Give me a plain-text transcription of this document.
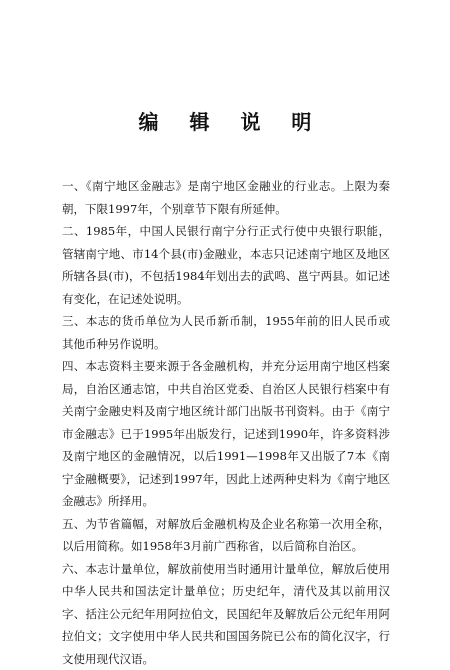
编 辑 说 明

一、《南宁地区金融志》是南宁地区金融业的行业志。上限为秦朝，下限1997年，个别章节下限有所延伸。

二、1985年，中国人民银行南宁分行正式行使中央银行职能，管辖南宁地、市14个县(市)金融业，本志只记述南宁地区及地区所辖各县(市)，不包括1984年划出去的武鸣、邕宁两县。如记述有变化，在记述处说明。

三、本志的货币单位为人民币新币制，1955年前的旧人民币或其他币种另作说明。

四、本志资料主要来源于各金融机构，并充分运用南宁地区档案局，自治区通志馆，中共自治区党委、自治区人民银行档案中有关南宁金融史料及南宁地区统计部门出版书刊资料。由于《南宁市金融志》已于1995年出版发行，记述到1990年，许多资料涉及南宁地区的金融情况，以后1991—1998年又出版了7本《南宁金融概要》，记述到1997年，因此上述两种史料为《南宁地区金融志》所择用。

五、为节省篇幅，对解放后金融机构及企业名称第一次用全称，以后用简称。如1958年3月前广西称省，以后简称自治区。

六、本志计量单位，解放前使用当时通用计量单位，解放后使用中华人民共和国法定计量单位；历史纪年，清代及其以前用汉字、括注公元纪年用阿拉伯文，民国纪年及解放后公元纪年用阿拉伯文；文字使用中华人民共和国国务院已公布的简化汉字，行文使用现代汉语。
